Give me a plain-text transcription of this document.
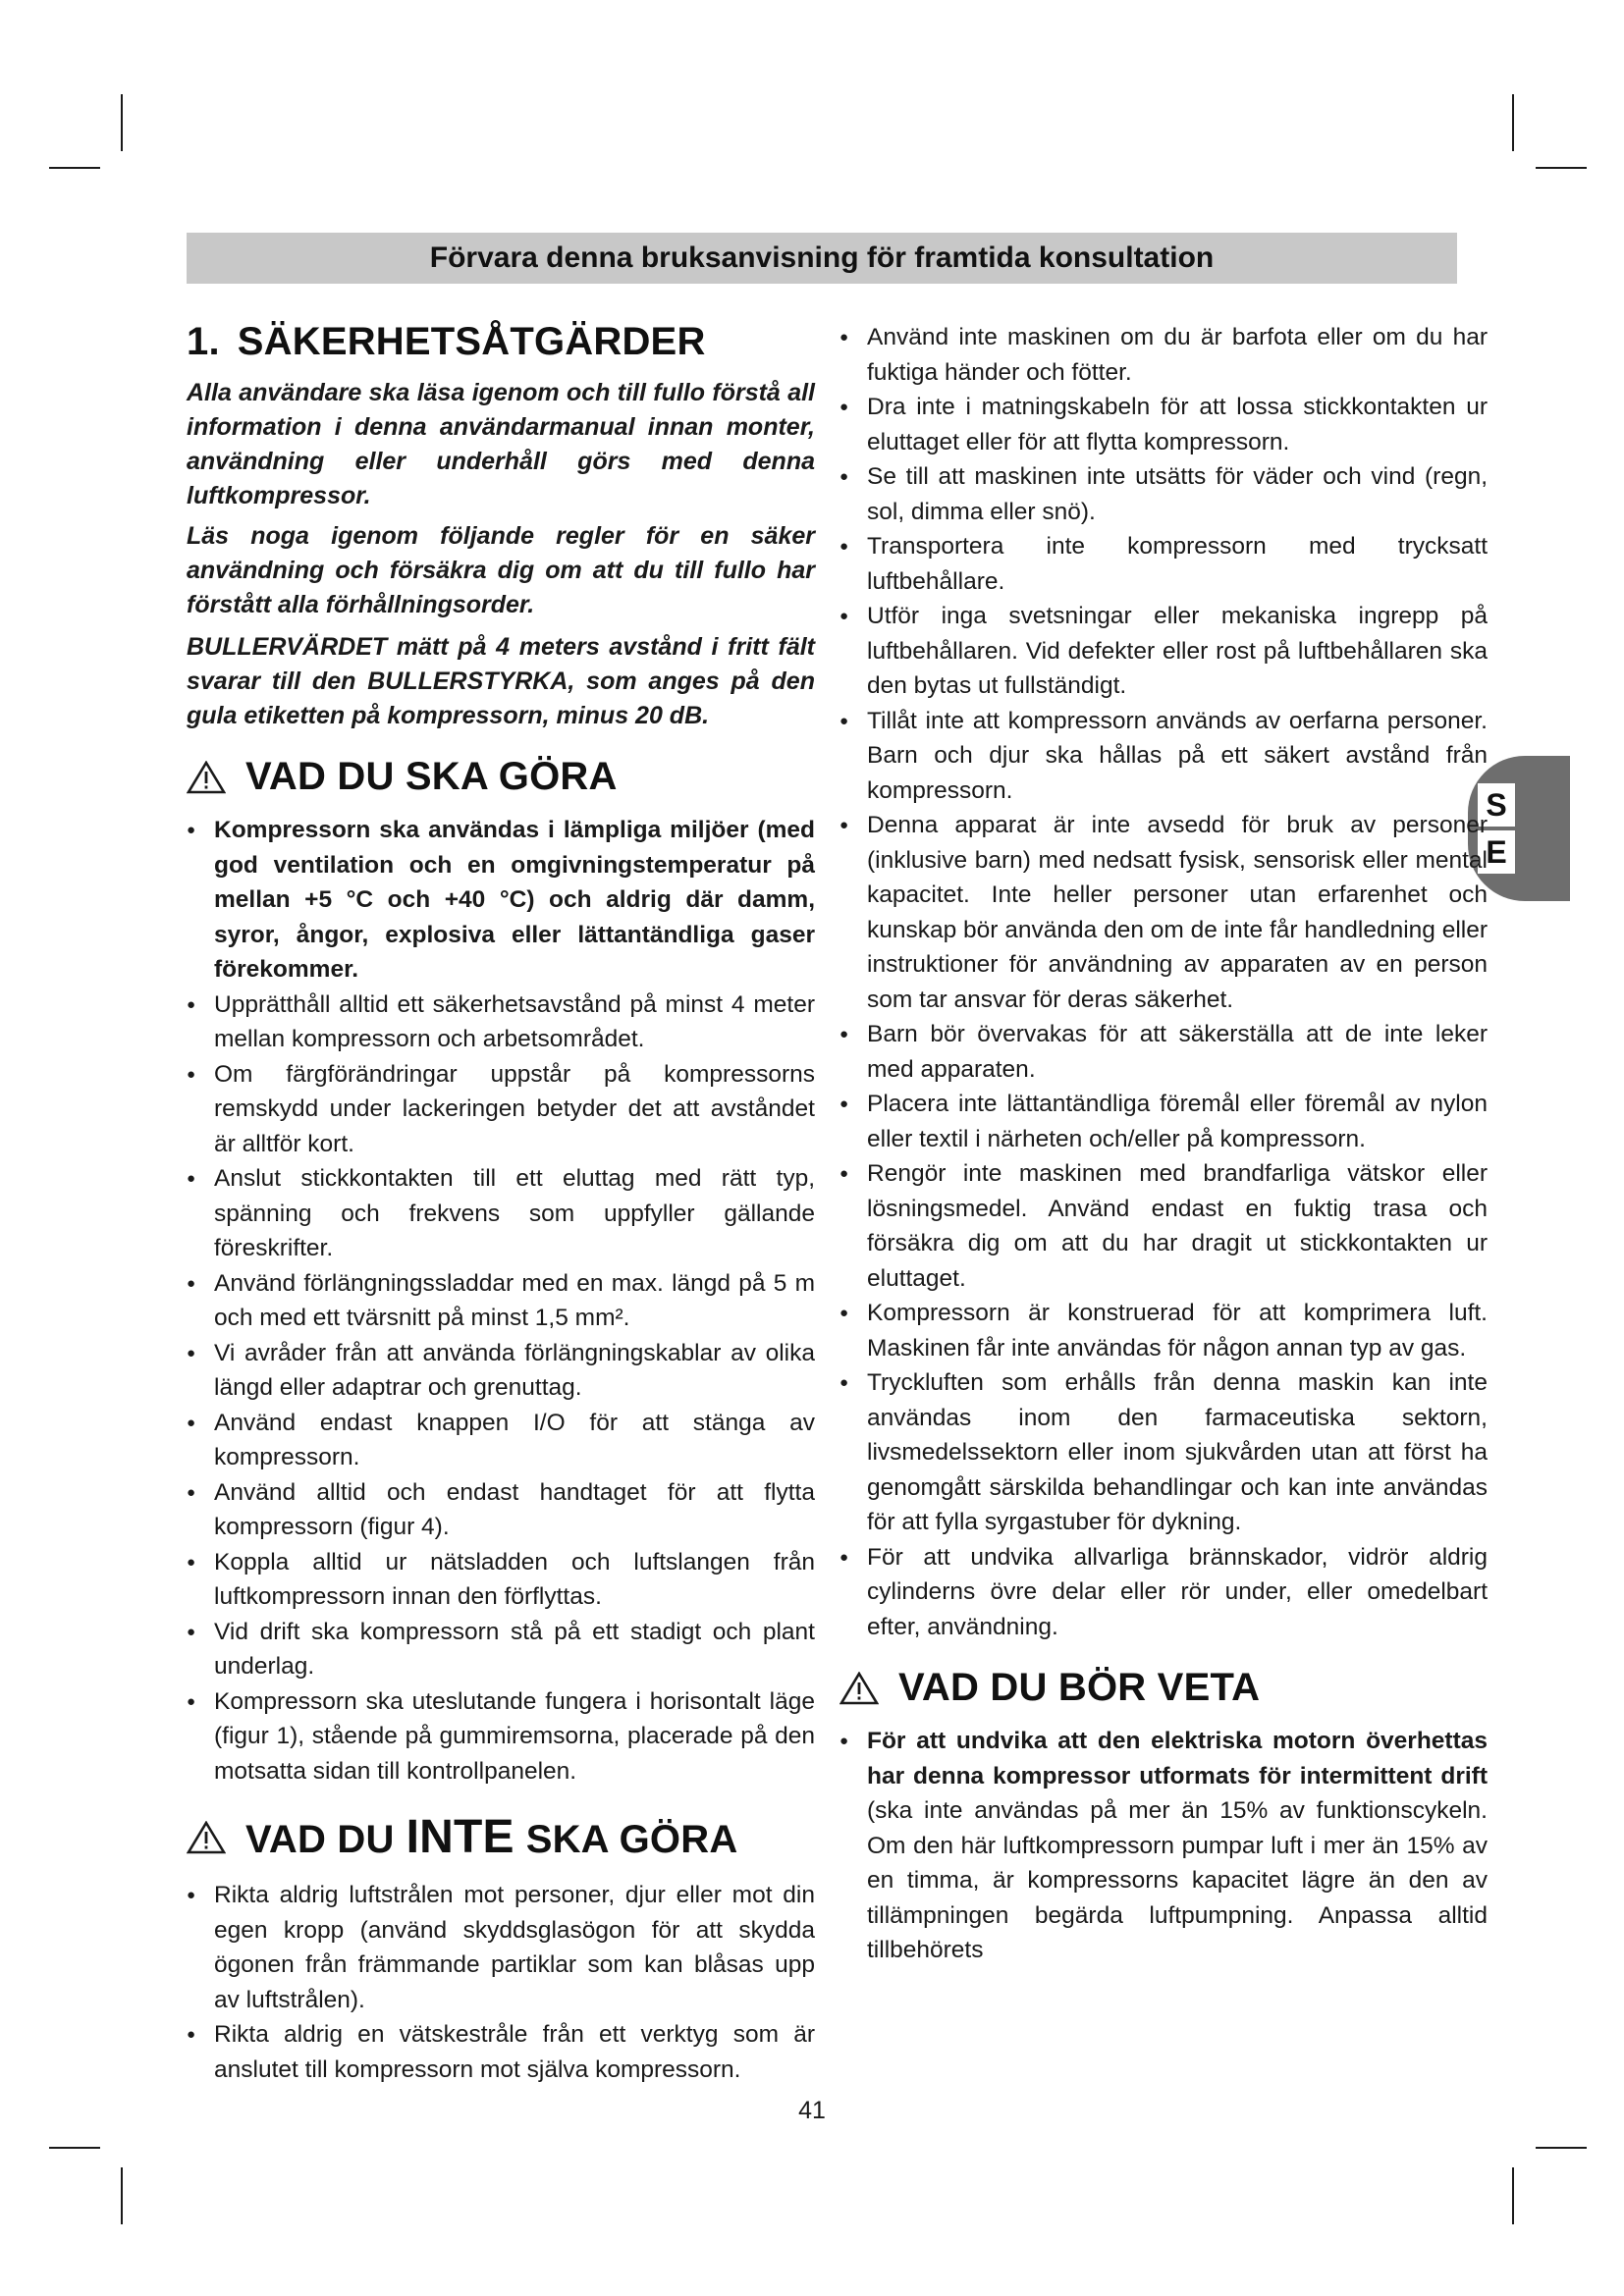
Förvara denna bruksanvisning för framtida konsultation
S
E
1. SÄKERHETSÅTGÄRDER

Alla användare ska läsa igenom och till fullo förstå all information i denna användarmanual innan monter, användning eller underhåll görs med denna luftkompressor.

Läs noga igenom följande regler för en säker användning och försäkra dig om att du till fullo har förstått alla förhållningsorder.

BULLERVÄRDET mätt på 4 meters avstånd i fritt fält svarar till den BULLERSTYRKA, som anges på den gula etiketten på kompressorn, minus 20 dB.

VAD DU SKA GÖRA
● Kompressorn ska användas i lämpliga miljöer (med god ventilation och en omgivningstemperatur på mellan +5 °C och +40 °C) och aldrig där damm, syror, ångor, explosiva eller lättantändliga gaser förekommer.
● Upprätthåll alltid ett säkerhetsavstånd på minst 4 meter mellan kompressorn och arbetsområdet.
● Om färgförändringar uppstår på kompressorns remskydd under lackeringen betyder det att avståndet är alltför kort.
● Anslut stickkontakten till ett eluttag med rätt typ, spänning och frekvens som uppfyller gällande föreskrifter.
● Använd förlängningssladdar med en max. längd på 5 m och med ett tvärsnitt på minst 1,5 mm².
● Vi avråder från att använda förlängningskablar av olika längd eller adaptrar och grenuttag.
● Använd endast knappen I/O för att stänga av kompressorn.
● Använd alltid och endast handtaget för att flytta kompressorn (figur 4).
● Koppla alltid ur nätsladden och luftslangen från luftkompressorn innan den förflyttas.
● Vid drift ska kompressorn stå på ett stadigt och plant underlag.
● Kompressorn ska uteslutande fungera i horisontalt läge (figur 1), stående på gummiremsorna, placerade på den motsatta sidan till kontrollpanelen.
VAD DU INTE SKA GÖRA
● Rikta aldrig luftstrålen mot personer, djur eller mot din egen kropp (använd skyddsglasögon för att skydda ögonen från främmande partiklar som kan blåsas upp av luftstrålen).
● Rikta aldrig en vätskestråle från ett verktyg som är anslutet till kompressorn mot själva kompressorn.
● Använd inte maskinen om du är barfota eller om du har fuktiga händer och fötter.
● Dra inte i matningskabeln för att lossa stickkontakten ur eluttaget eller för att flytta kompressorn.
● Se till att maskinen inte utsätts för väder och vind (regn, sol, dimma eller snö).
● Transportera inte kompressorn med trycksatt luftbehållare.
● Utför inga svetsningar eller mekaniska ingrepp på luftbehållaren. Vid defekter eller rost på luftbehållaren ska den bytas ut fullständigt.
● Tillåt inte att kompressorn används av oerfarna personer. Barn och djur ska hållas på ett säkert avstånd från kompressorn.
● Denna apparat är inte avsedd för bruk av personer (inklusive barn) med nedsatt fysisk, sensorisk eller mental kapacitet. Inte heller personer utan erfarenhet och kunskap bör använda den om de inte får handledning eller instruktioner för användning av apparaten av en person som tar ansvar för deras säkerhet.
● Barn bör övervakas för att säkerställa att de inte leker med apparaten.
● Placera inte lättantändliga föremål eller föremål av nylon eller textil i närheten och/eller på kompressorn.
● Rengör inte maskinen med brandfarliga vätskor eller lösningsmedel. Använd endast en fuktig trasa och försäkra dig om att du har dragit ut stickkontakten ur eluttaget.
● Kompressorn är konstruerad för att komprimera luft. Maskinen får inte användas för någon annan typ av gas.
● Tryckluften som erhålls från denna maskin kan inte användas inom den farmaceutiska sektorn, livsmedelssektorn eller inom sjukvården utan att först ha genomgått särskilda behandlingar och kan inte användas för att fylla syrgastuber för dykning.
● För att undvika allvarliga brännskador, vidrör aldrig cylinderns övre delar eller rör under, eller omedelbart efter, användning.
VAD DU BÖR VETA
● För att undvika att den elektriska motorn överhettas har denna kompressor utformats för intermittent drift (ska inte användas på mer än 15% av funktionscykeln. Om den här luftkompressorn pumpar luft i mer än 15% av en timma, är kompressorns kapacitet lägre än den av tillämpningen begärda luftpumpning. Anpassa alltid tillbehörets
41
